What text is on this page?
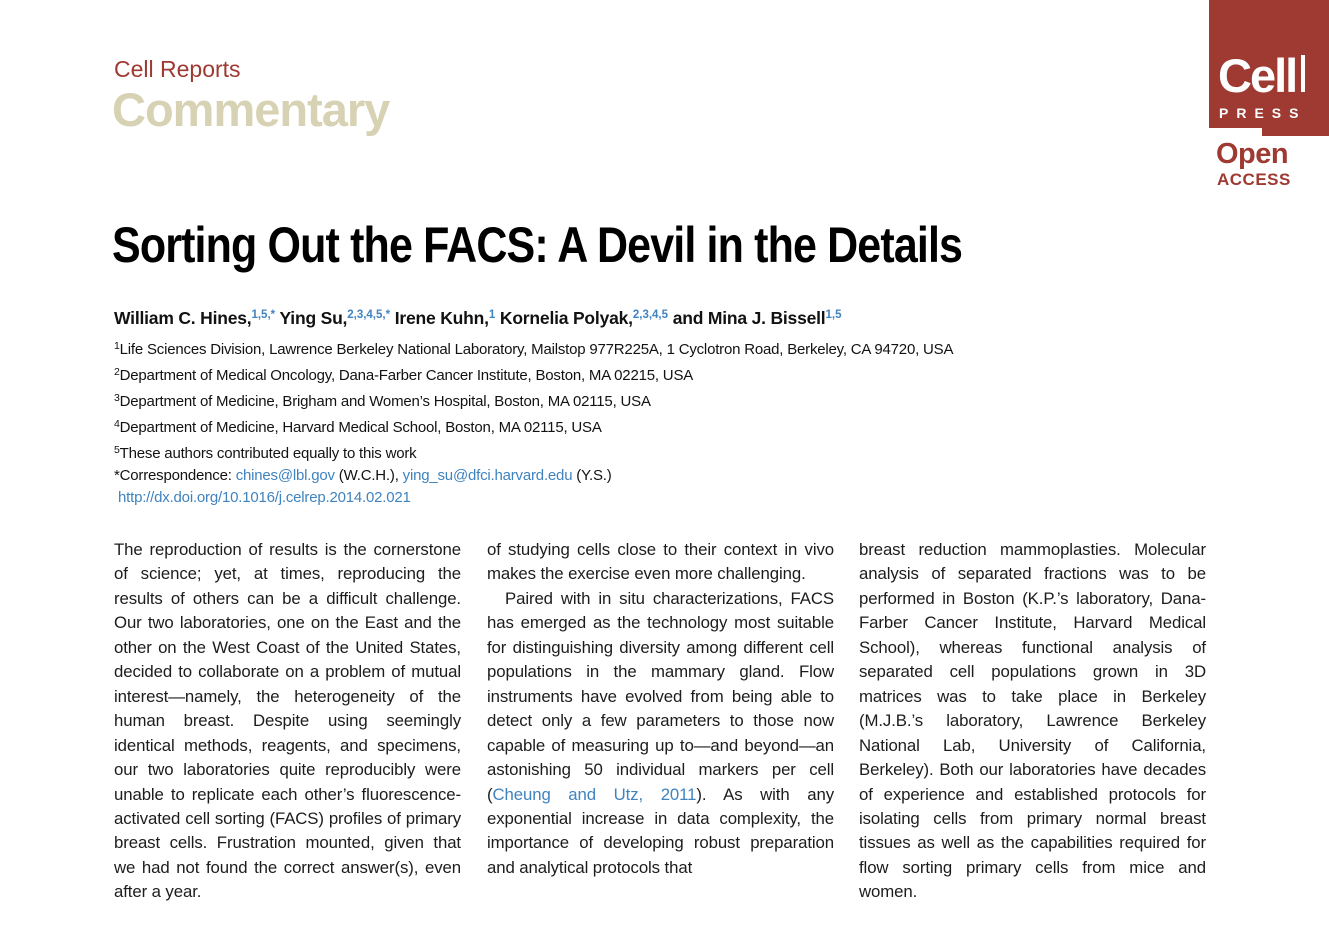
Cell Reports
Commentary
Cell
PRESS
Open
ACCESS
Sorting Out the FACS: A Devil in the Details
William C. Hines,$^{1,5,*}$ Ying Su,$^{2,3,4,5,*}$ Irene Kuhn,$^1$ Kornelia Polyak,$^{2,3,4,5}$ and Mina J. Bissell$^{1,5}$
$^1$Life Sciences Division, Lawrence Berkeley National Laboratory, Mailstop 977R225A, 1 Cyclotron Road, Berkeley, CA 94720, USA
$^2$Department of Medical Oncology, Dana-Farber Cancer Institute, Boston, MA 02215, USA
$^3$Department of Medicine, Brigham and Women’s Hospital, Boston, MA 02115, USA
$^4$Department of Medicine, Harvard Medical School, Boston, MA 02115, USA
$^5$These authors contributed equally to this work
*Correspondence: chines@lbl.gov (W.C.H.), ying_su@dfci.harvard.edu (Y.S.)
http://dx.doi.org/10.1016/j.celrep.2014.02.021

The reproduction of results is the cornerstone of science; yet, at times, reproducing the results of others can be a difficult challenge. Our two laboratories, one on the East and the other on the West Coast of the United States, decided to collaborate on a problem of mutual interest—namely, the heterogeneity of the human breast. Despite using seemingly identical methods, reagents, and specimens, our two laboratories quite reproducibly were unable to replicate each other’s fluorescence-activated cell sorting (FACS) profiles of primary breast cells. Frustration mounted, given that we had not found the correct answer(s), even after a year.

of studying cells close to their context in vivo makes the exercise even more challenging.

Paired with in situ characterizations, FACS has emerged as the technology most suitable for distinguishing diversity among different cell populations in the mammary gland. Flow instruments have evolved from being able to detect only a few parameters to those now capable of measuring up to—and beyond—an astonishing 50 individual markers per cell (Cheung and Utz, 2011). As with any exponential increase in data complexity, the importance of developing robust preparation and analytical protocols that

breast reduction mammoplasties. Molecular analysis of separated fractions was to be performed in Boston (K.P.’s laboratory, Dana-Farber Cancer Institute, Harvard Medical School), whereas functional analysis of separated cell populations grown in 3D matrices was to take place in Berkeley (M.J.B.’s laboratory, Lawrence Berkeley National Lab, University of California, Berkeley). Both our laboratories have decades of experience and established protocols for isolating cells from primary normal breast tissues as well as the capabilities required for flow sorting primary cells from mice and women.
